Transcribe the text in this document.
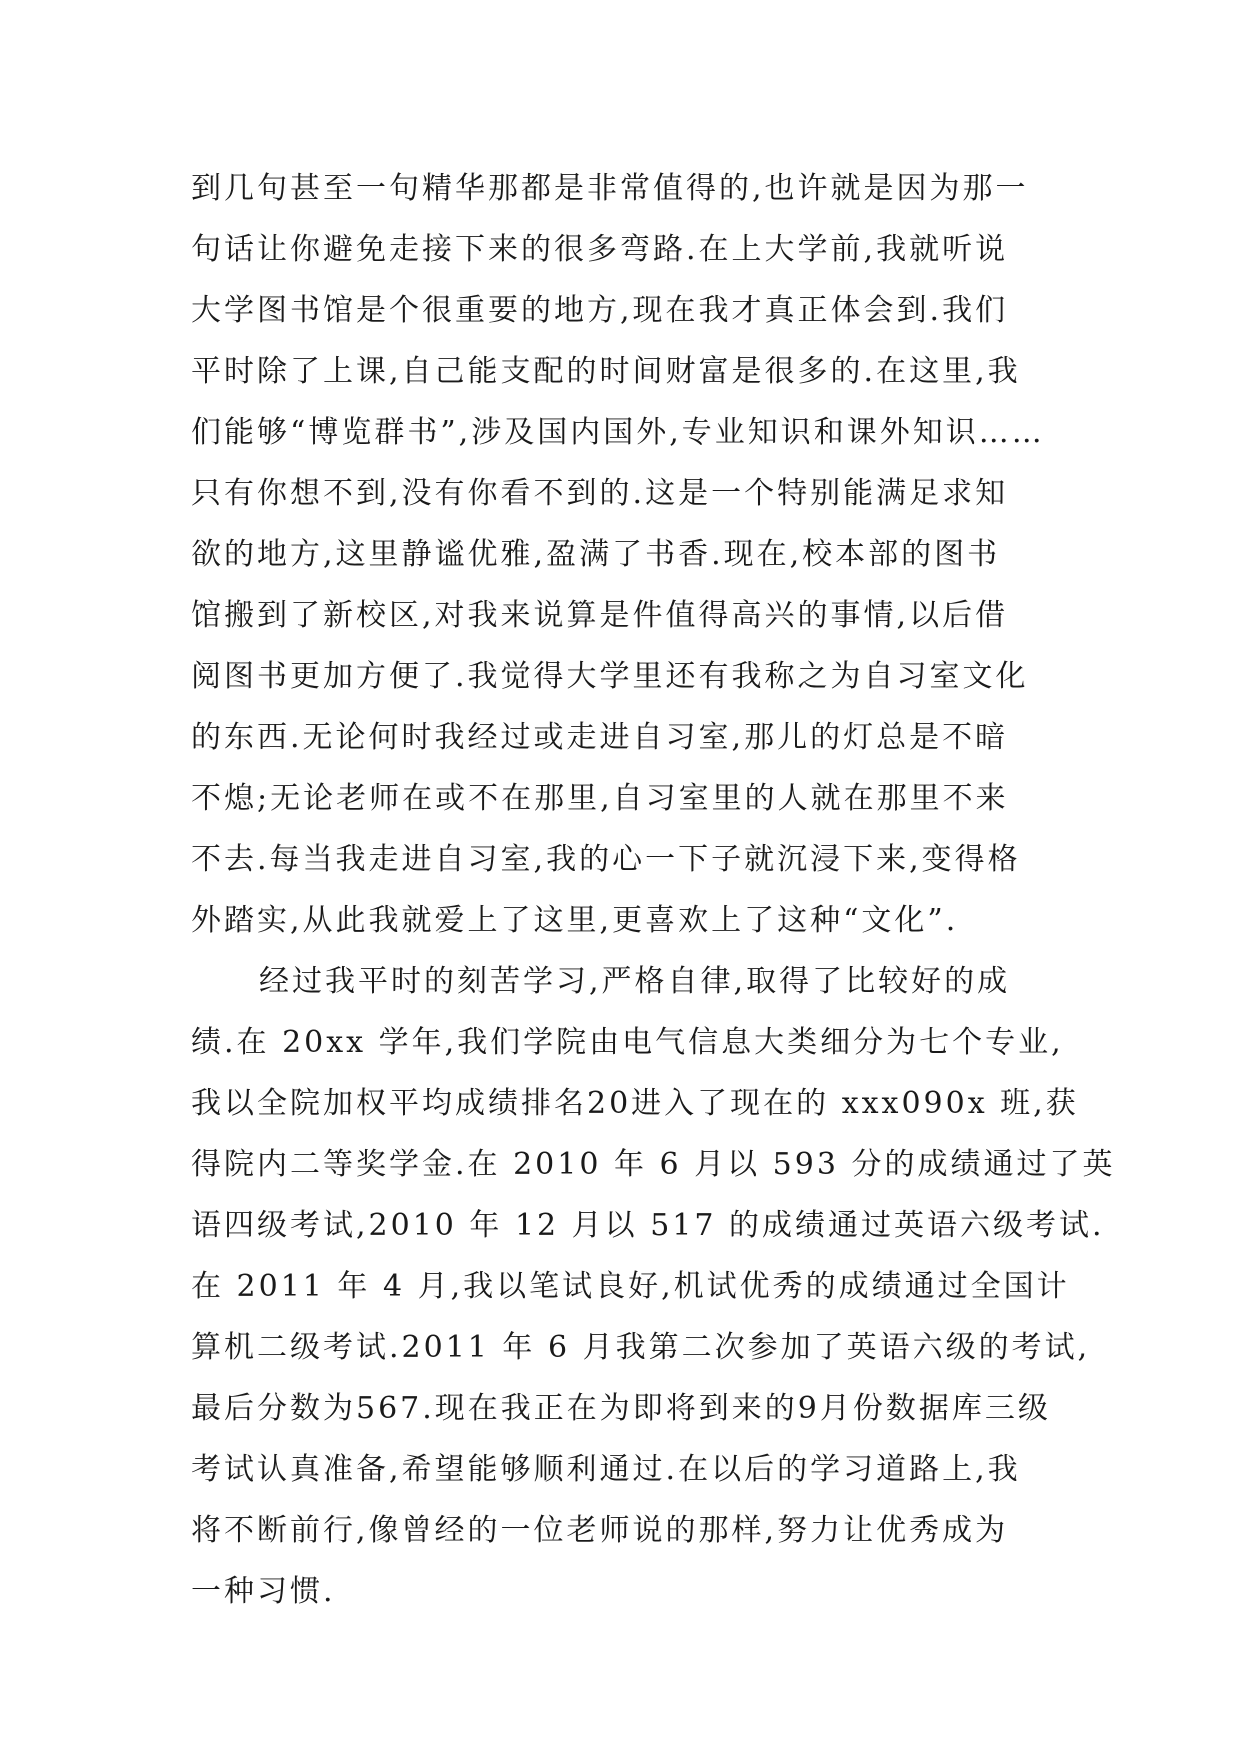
到几句甚至一句精华那都是非常值得的,也许就是因为那一
句话让你避免走接下来的很多弯路.在上大学前,我就听说
大学图书馆是个很重要的地方,现在我才真正体会到.我们
平时除了上课,自己能支配的时间财富是很多的.在这里,我
们能够“博览群书”,涉及国内国外,专业知识和课外知识……
只有你想不到,没有你看不到的.这是一个特别能满足求知
欲的地方,这里静谧优雅,盈满了书香.现在,校本部的图书
馆搬到了新校区,对我来说算是件值得高兴的事情,以后借
阅图书更加方便了.我觉得大学里还有我称之为自习室文化
的东西.无论何时我经过或走进自习室,那儿的灯总是不暗
不熄;无论老师在或不在那里,自习室里的人就在那里不来
不去.每当我走进自习室,我的心一下子就沉浸下来,变得格
外踏实,从此我就爱上了这里,更喜欢上了这种“文化”.
经过我平时的刻苦学习,严格自律,取得了比较好的成
绩.在 20xx 学年,我们学院由电气信息大类细分为七个专业,
我以全院加权平均成绩排名20进入了现在的 xxx090x 班,获
得院内二等奖学金.在 2010 年 6 月以 593 分的成绩通过了英
语四级考试,2010 年 12 月以 517 的成绩通过英语六级考试.
在 2011 年 4 月,我以笔试良好,机试优秀的成绩通过全国计
算机二级考试.2011 年 6 月我第二次参加了英语六级的考试,
最后分数为567.现在我正在为即将到来的9月份数据库三级
考试认真准备,希望能够顺利通过.在以后的学习道路上,我
将不断前行,像曾经的一位老师说的那样,努力让优秀成为
一种习惯.
